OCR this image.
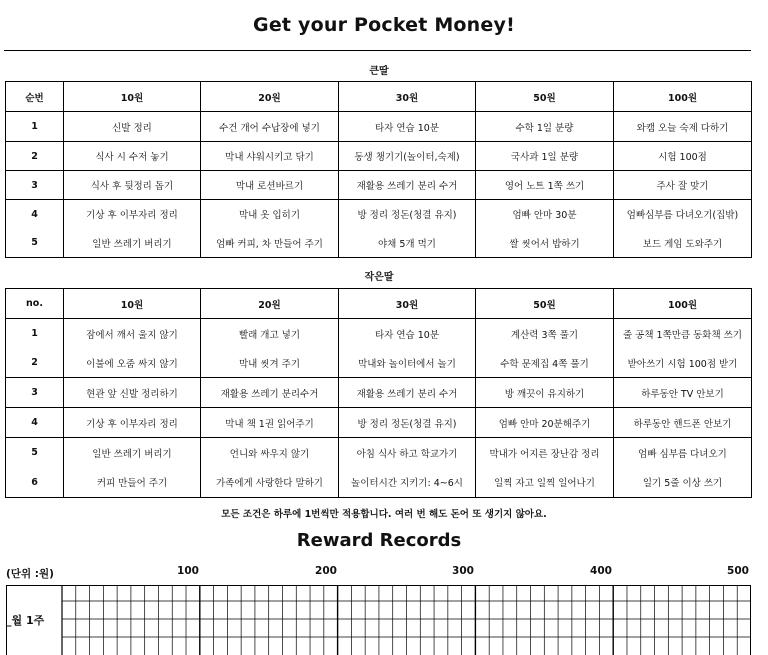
Get your Pocket Money!
큰딸
순번	10원	20원	30원	50원	100원
1	신발 정리	수건 개어 수납장에 넣기	타자 연습 10분	수학 1일 분량	와캠 오늘 숙제 다하기
2	식사 시 수저 놓기	막내 샤워시키고 닦기	동생 챙기기(놀이터,숙제)	국사과 1일 분량	시험 100점
3	식사 후 뒷정리 돕기	막내 로션바르기	재활용 쓰레기 분리 수거	영어 노트 1쪽 쓰기	주사 잘 맞기
4	기상 후 이부자리 정리	막내 옷 입히기	방 정리 정돈(청결 유지)	엄빠 안마 30분	엄빠심부름 다녀오기(집밖)
5	일반 쓰레기 버리기	엄빠 커피, 차 만들어 주기	야채 5개 먹기	쌀 씻어서 밥하기	보드 게임 도와주기
작은딸
no.	10원	20원	30원	50원	100원
1	잠에서 깨서 울지 않기	빨래 개고 넣기	타자 연습 10분	계산력 3쪽 풀기	줄 공책 1쪽만큼 동화책 쓰기
2	이불에 오줌 싸지 않기	막내 씻겨 주기	막내와 놀이터에서 놀기	수학 문제집 4쪽 풀기	받아쓰기 시험 100점 받기
3	현관 앞 신발 정리하기	재활용 쓰레기 분리수거	재활용 쓰레기 분리 수거	방 깨끗이 유지하기	하루동안 TV 안보기
4	기상 후 이부자리 정리	막내 책 1권 읽어주기	방 정리 정돈(청결 유지)	엄빠 안마 20분해주기	하루동안 핸드폰 안보기
5	일반 쓰레기 버리기	언니와 싸우지 않기	아침 식사 하고 학교가기	막내가 어지른 장난감 정리	엄빠 심부름 다녀오기
6	커피 만들어 주기	가족에게 사랑한다 말하기	놀이터시간 지키기: 4~6시	일찍 자고 일찍 일어나기	일기 5줄 이상 쓰기
모든 조건은 하루에 1번씩만 적용합니다. 여러 번 해도 돈어 또 생기지 않아요.
Reward Records
(단위 :원)	100	200	300	400	500
_월 1주
